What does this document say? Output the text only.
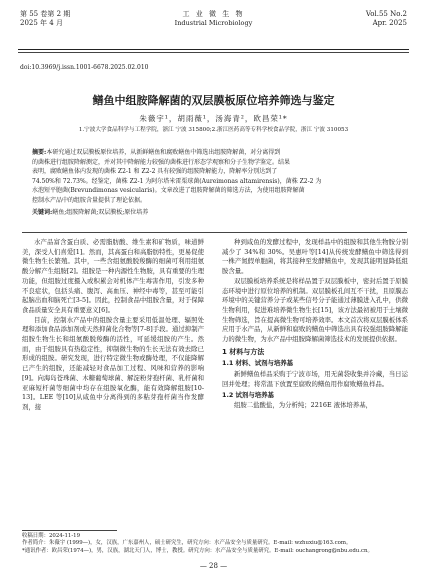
第 55 卷第 2 期
2025 年 4 月
工 业 微 生 物
Industrial Microbiology
Vol.55 No.2
Apr. 2025
doi:10.3969/j.issn.1001-6678.2025.02.010
鳝鱼中组胺降解菌的双层膜板原位培养筛选与鉴定
朱薇宇¹，胡雨薇¹，汤海青²，欧昌荣¹*
1.宁波大学食品科学与工程学院，浙江 宁波 315800;2.浙江医药高等专科学校食品学院，浙江 宁波 310053
摘要:本研究通过双层膜板原位培养，从新鲜鳝鱼和腐败鳝鱼中筛选出组胺降解菌，对分离得到
的菌株进行组胺降解测定，并对其中降解能力较强的菌株进行形态学观察和分子生物学鉴定。结果
表明，腐败鳝鱼体内发现的菌株 Z2-1 和 Z2-2 具有较强的组胺降解能力，降解率分别达到了
74.50%和 72.73%。经鉴定，菌株 Z2-1 为阿尔塔米雷栗球菌(Aureimonas altamirensis)，菌株 Z2-2 为
水泡短平胞菌(Brevundimonas vesicularis)。文章改进了组胺降解菌的筛选方法，为使用组胺降解菌
控制水产品中的组胺含量提供了理论依据。
关键词:鳝鱼;组胺降解菌;双层膜板;原位培养

水产品富含蛋白质、必需脂肪酸、维生素和矿物质，味道鲜美，深受人们喜爱[1]。然而，其高蛋白和高脂肪特性，更易促使微生物生长繁殖。其中，一些含组氨酸脱羧酶的细菌可利用组氨酸分解产生组胺[2]。组胺是一种内源性生物胺，具有重要的生理功能，但组胺过度摄入或积累会对机体产生毒害作用，引发多种不良症状，包括头痛、腹泻、高血压、神经中毒等，甚至可能引起脑出血和脑死亡[3-5]。因此，控制食品中组胺含量，对于保障食品质量安全具有重要意义[6]。

目前，控制水产品中的组胺含量主要采用低温处理、辐照处理和添加食品添加剂或天然抑菌化合物等[7-8]手段。通过抑制产组胺生物生长和组氨酸脱羧酶的活性，可延缓组胺的产生。然而，由于组胺具有热稳定性，抑制微生物的生长无法有效去除已形成的组胺。研究发现，进行特定微生物或酶处理，不仅能降解已产生的组胺，还能减轻对食品加工过程、风味和营养的影响[9]。向海岛苍珠菌、木糖葡萄球菌、解淀粉芽孢杆菌、乳杆菌和亚麻短杆菌等细菌中均存在组胺氧化酶，能有效降解组胺[10-13]。LEE 等[10]从咸鱼中分离得到的多粘芽孢杆菌当作发酵剂，接

种到咸鱼的发酵过程中，发现样品中的组胺和其他生物胺分别减少了 34%和 30%。吴惠叶等[14]从传统发酵鳝鱼中筛选得到一株产氮假单胞菌，将其接种至发酵鳝鱼中，发现其能明显降低组胺含量。

双层膜板培养系统是将样品置于双层膜板中，密封后置于原膜态环境中进行原位培养的机制。双层膜板孔间互不干扰，且原膜态环境中的关键营养分子或某些信号分子能通过薄膜进入孔中，供微生物利用，促进难培养微生物生长[15]，该方法最初被用于土壤微生物筛选，旨在提高微生物可培养效率。本文首次将双层膜板体系应用于水产品，从新鲜和腐败的鳝鱼中筛选出具有较强组胺降解能力的微生物，为水产品中组胺降解菌筛选技术的发展提供依据。

1 材料与方法
1.1 材料、试剂与培养基

新鲜鳝鱼样品采购于宁波市场，用无菌袋收集并冷藏，当日运回并处理；将常温下放置至腐败的鳝鱼用作腐败鳝鱼样品。

1.2 试剂与培养基

组胺二盐酸盐，为分析纯；2216E 液体培养基，

收稿日期：2024-11-19
作者简介：朱薇宇 (1999—)，女，汉族，广东嘉州人，硕士研究生，研究方向：水产品安全与质量研究。E-mail: wzhuxiu@163.com。
*通讯作者：欧昌荣(1974—)，男，汉族，湖北天门人，博士，教授。研究方向：水产品安全与质量研究。E-mail: ouchangrong@nbu.edu.cn。
— 28 —
